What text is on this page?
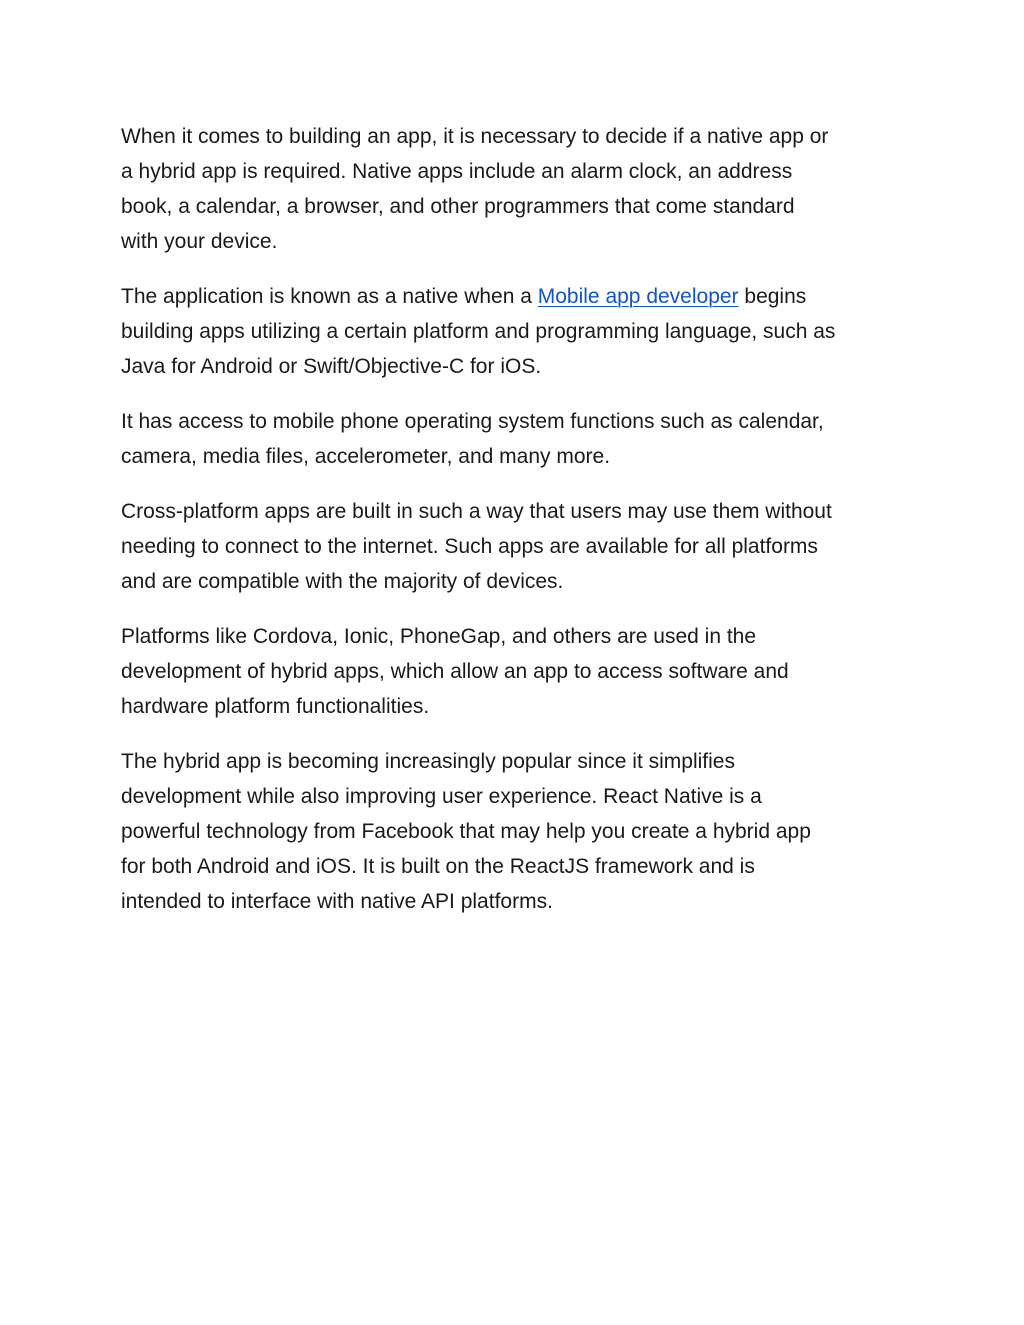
When it comes to building an app, it is necessary to decide if a native app or
a hybrid app is required. Native apps include an alarm clock, an address
book, a calendar, a browser, and other programmers that come standard
with your device.

The application is known as a native when a Mobile app developer begins
building apps utilizing a certain platform and programming language, such as
Java for Android or Swift/Objective-C for iOS.

It has access to mobile phone operating system functions such as calendar,
camera, media files, accelerometer, and many more.

Cross-platform apps are built in such a way that users may use them without
needing to connect to the internet. Such apps are available for all platforms
and are compatible with the majority of devices.

Platforms like Cordova, Ionic, PhoneGap, and others are used in the
development of hybrid apps, which allow an app to access software and
hardware platform functionalities.

The hybrid app is becoming increasingly popular since it simplifies
development while also improving user experience. React Native is a
powerful technology from Facebook that may help you create a hybrid app
for both Android and iOS. It is built on the ReactJS framework and is
intended to interface with native API platforms.
